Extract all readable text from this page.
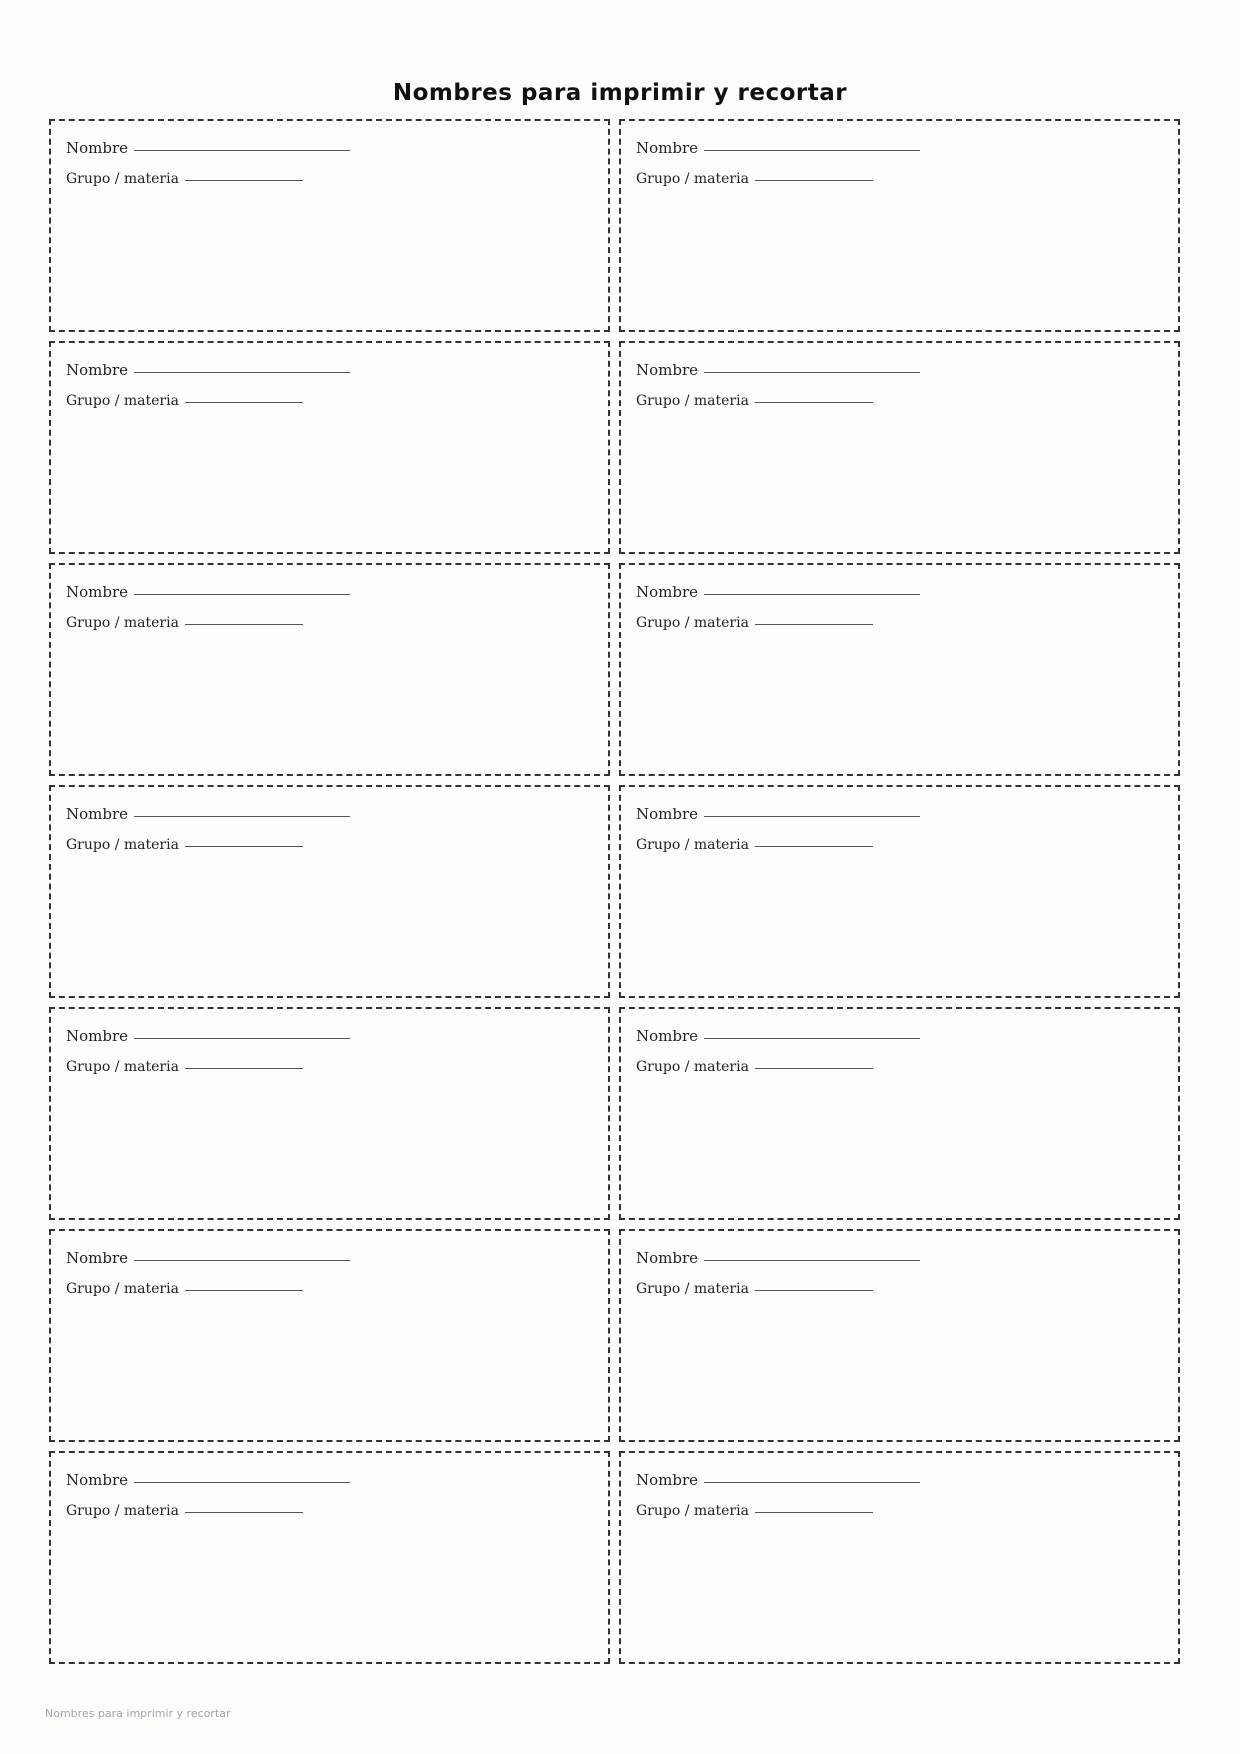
Nombres para imprimir y recortar
Nombre
Grupo / materia
Nombre
Grupo / materia
Nombre
Grupo / materia
Nombre
Grupo / materia
Nombre
Grupo / materia
Nombre
Grupo / materia
Nombre
Grupo / materia
Nombre
Grupo / materia
Nombre
Grupo / materia
Nombre
Grupo / materia
Nombre
Grupo / materia
Nombre
Grupo / materia
Nombre
Grupo / materia
Nombre
Grupo / materia
Nombres para imprimir y recortar
